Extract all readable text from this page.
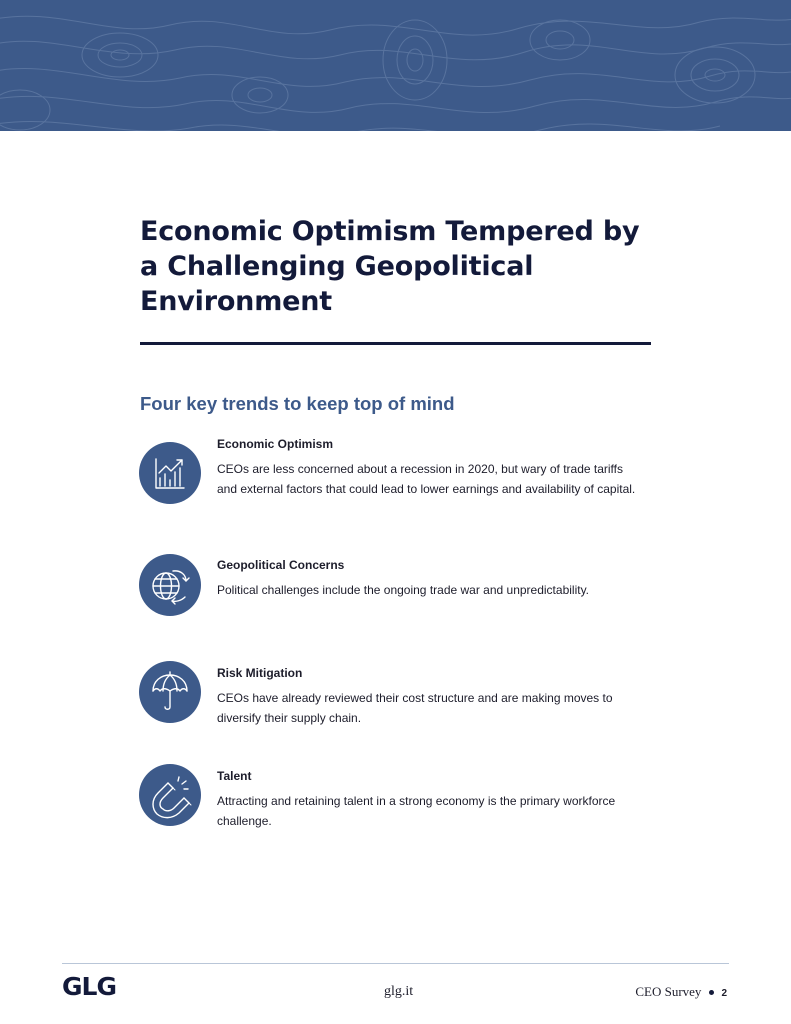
Economic Optimism Tempered by a Challenging Geopolitical Environment
Four key trends to keep top of mind

Economic Optimism

CEOs are less concerned about a recession in 2020, but wary of trade tariffs and external factors that could lead to lower earnings and availability of capital.

Geopolitical Concerns

Political challenges include the ongoing trade war and unpredictability.

Risk Mitigation

CEOs have already reviewed their cost structure and are making moves to diversify their supply chain.

Talent

Attracting and retaining talent in a strong economy is the primary workforce challenge.

GLG	glg.it	CEO Survey 2
